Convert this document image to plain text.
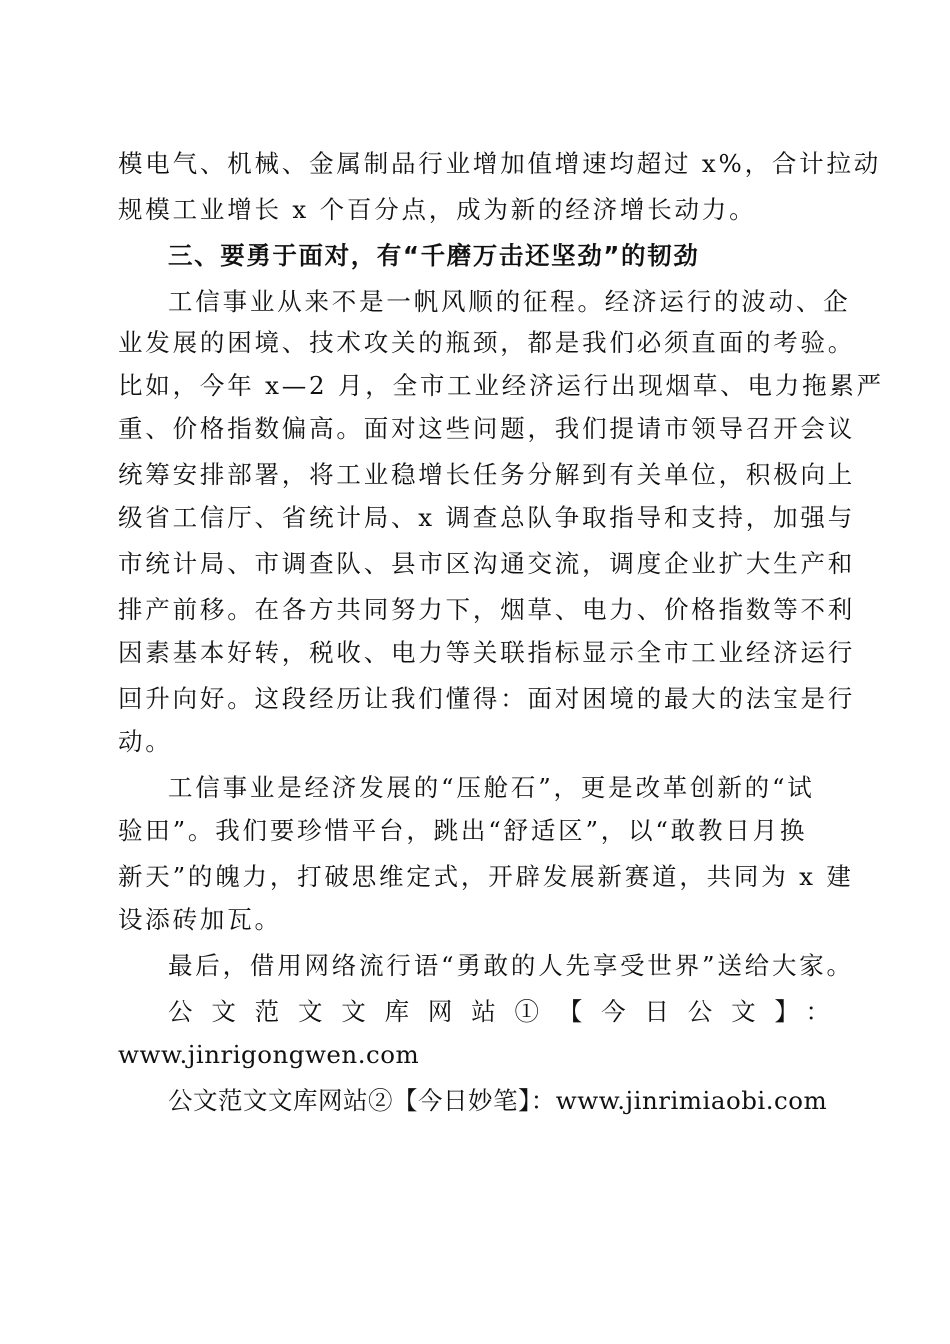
模电气、机械、金属制品行业增加值增速均超过 x%，合计拉动
规模工业增长 x 个百分点，成为新的经济增长动力。
三、要勇于面对，有“千磨万击还坚劲”的韧劲
工信事业从来不是一帆风顺的征程。经济运行的波动、企
业发展的困境、技术攻关的瓶颈，都是我们必须直面的考验。
比如，今年 x—2 月，全市工业经济运行出现烟草、电力拖累严
重、价格指数偏高。面对这些问题，我们提请市领导召开会议
统筹安排部署，将工业稳增长任务分解到有关单位，积极向上
级省工信厅、省统计局、x 调查总队争取指导和支持，加强与
市统计局、市调查队、县市区沟通交流，调度企业扩大生产和
排产前移。在各方共同努力下，烟草、电力、价格指数等不利
因素基本好转，税收、电力等关联指标显示全市工业经济运行
回升向好。这段经历让我们懂得：面对困境的最大的法宝是行
动。
工信事业是经济发展的“压舱石”，更是改革创新的“试
验田”。我们要珍惜平台，跳出“舒适区”，以“敢教日月换
新天”的魄力，打破思维定式，开辟发展新赛道，共同为 x 建
设添砖加瓦。
最后，借用网络流行语“勇敢的人先享受世界”送给大家。
公文范文文库网站①【今日公文】：
www.jinrigongwen.com
公文范文文库网站②【今日妙笔】：www.jinrimiaobi.com
